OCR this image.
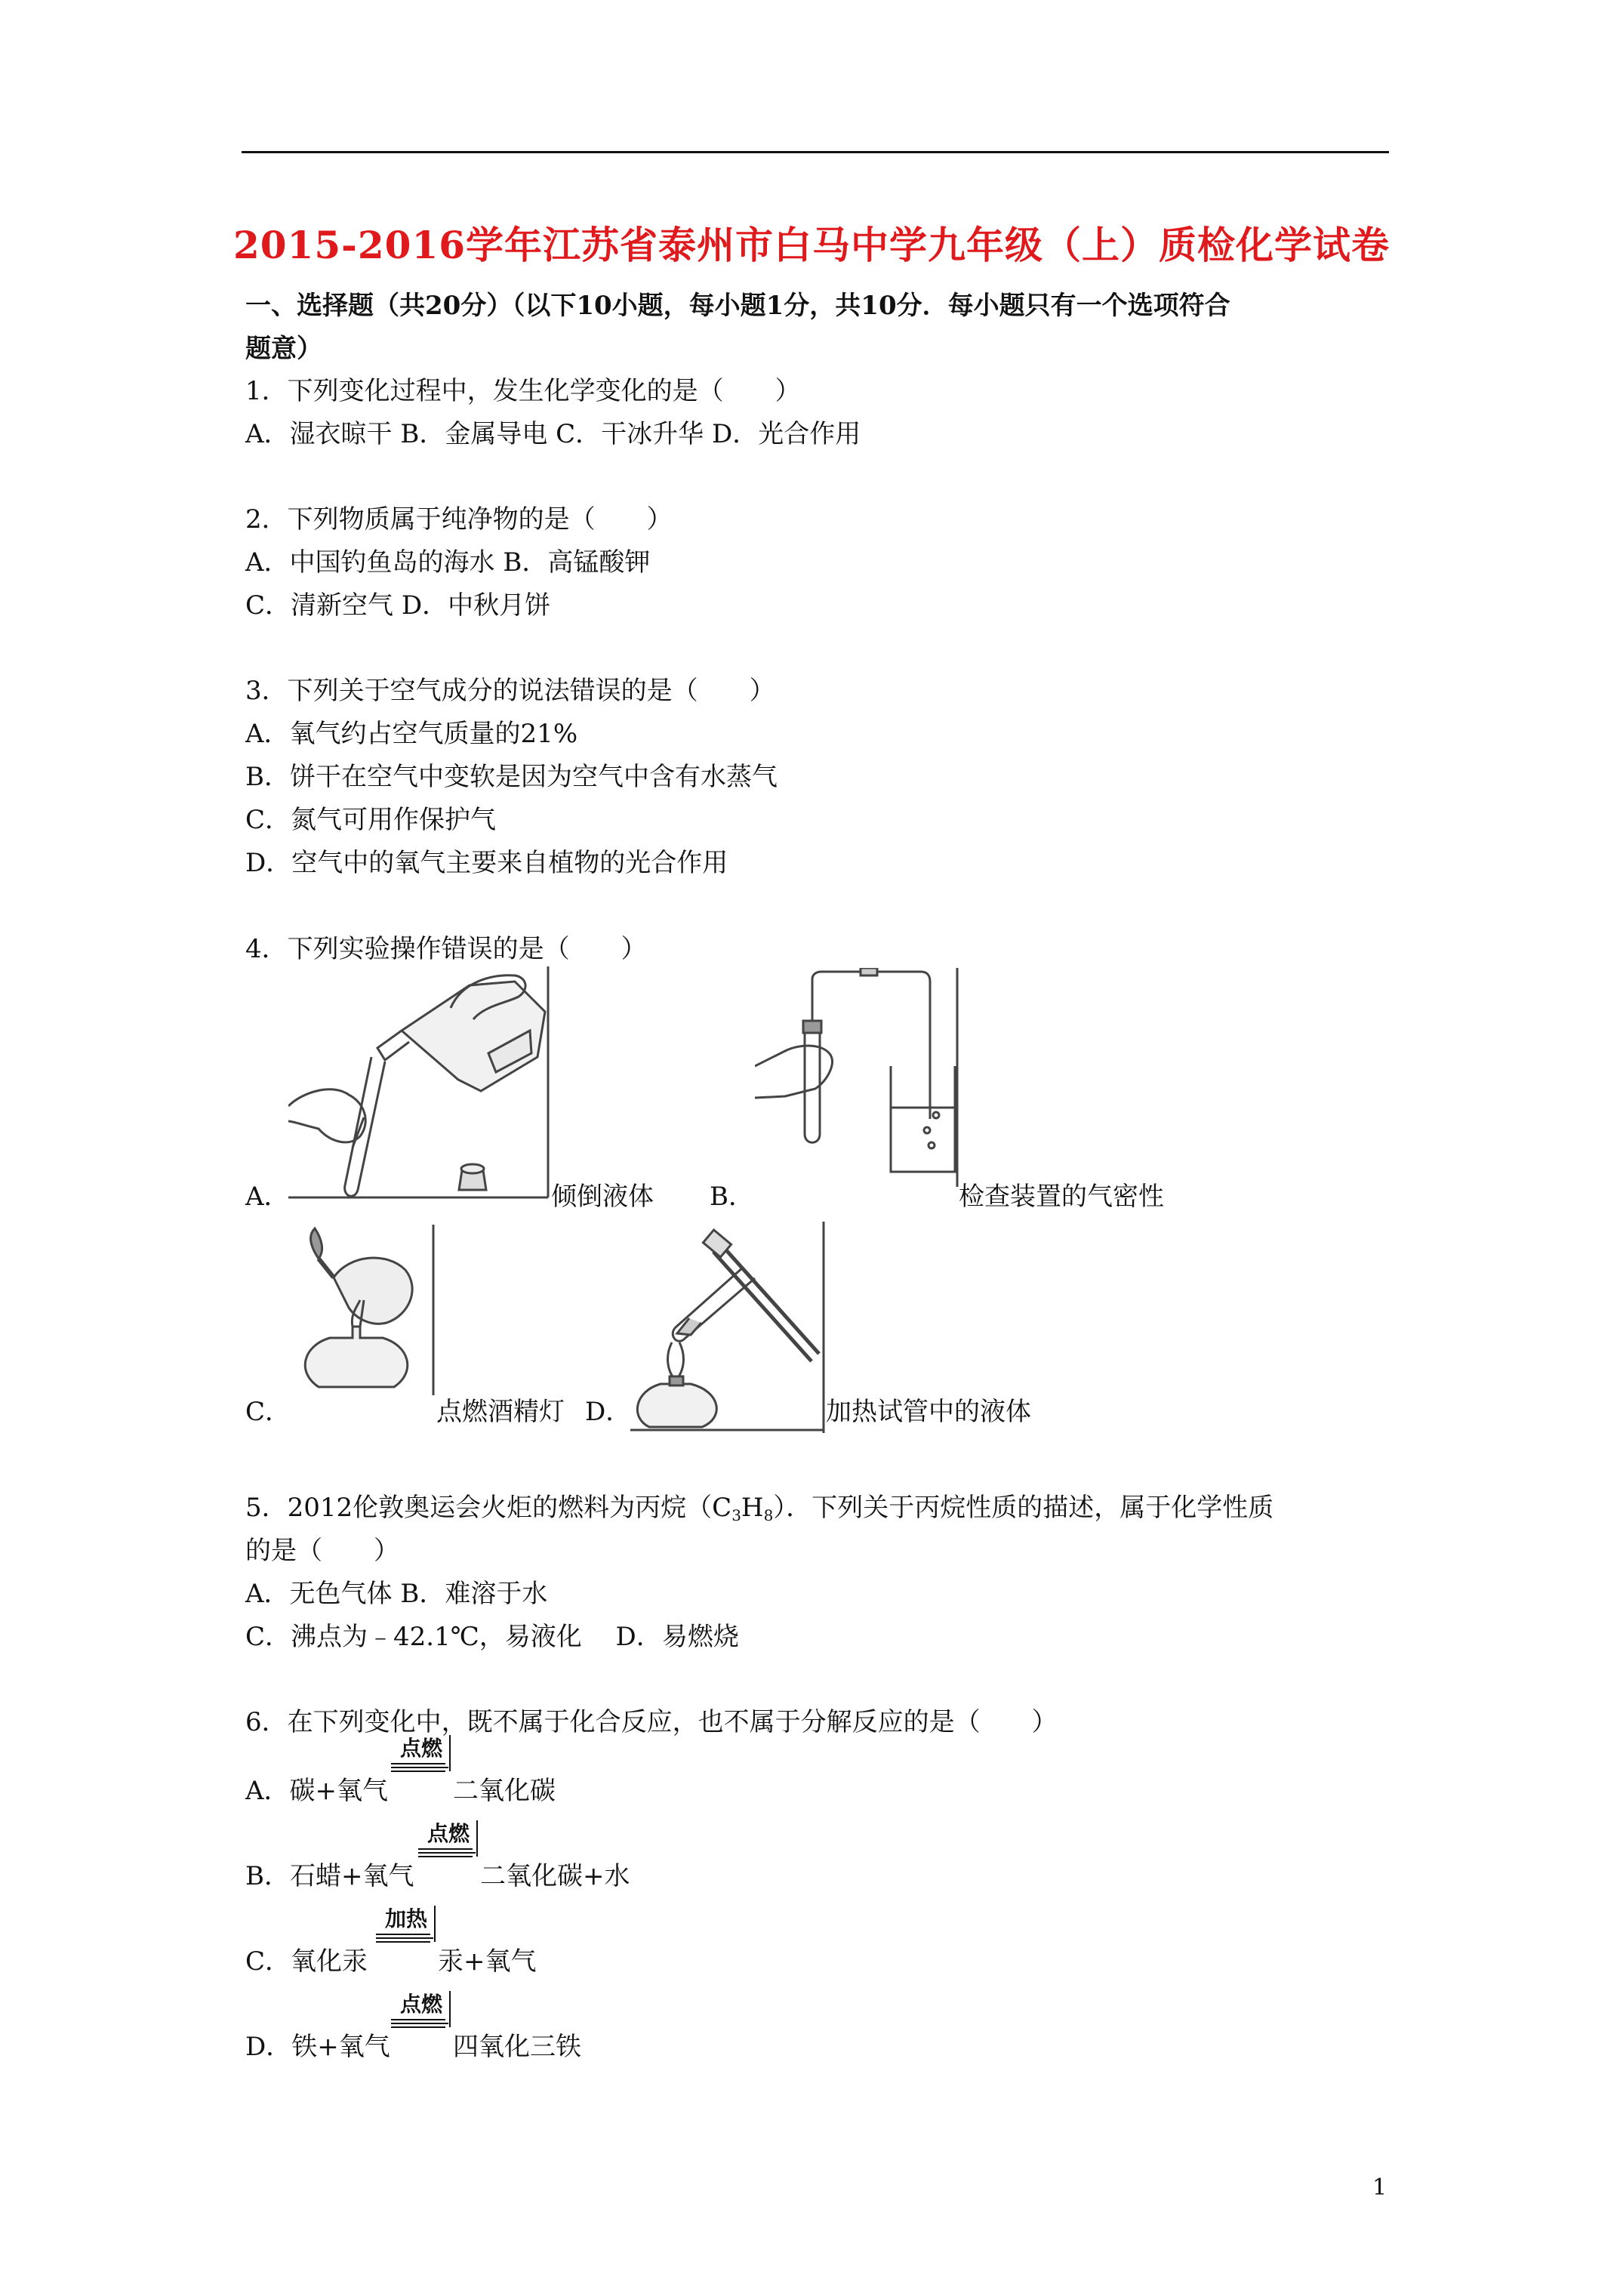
2015-2016学年江苏省泰州市白马中学九年级（上）质检化学试卷
一、选择题（共20分）（以下10小题，每小题1分，共10分．每小题只有一个选项符合
题意）
1．下列变化过程中，发生化学变化的是（　　）
A．湿衣晾干 B．金属导电 C．干冰升华 D．光合作用
2．下列物质属于纯净物的是（　　）
A．中国钓鱼岛的海水 B．高锰酸钾
C．清新空气 D．中秋月饼
3．下列关于空气成分的说法错误的是（　　）
A．氧气约占空气质量的21%
B．饼干在空气中变软是因为空气中含有水蒸气
C．氮气可用作保护气
D．空气中的氧气主要来自植物的光合作用
4．下列实验操作错误的是（　　）
A．	倾倒液体 B．	检查装置的气密性
C．	点燃酒精灯 D．	加热试管中的液体
5．2012伦敦奥运会火炬的燃料为丙烷$(C_3H_8)$．下列关于丙烷性质的描述，属于化学性质
的是（　　）
A．无色气体 B．难溶于水
C．沸点为﹣42.1℃，易液化　 D．易燃烧
6．在下列变化中，既不属于化合反应，也不属于分解反应的是（　　）
A．碳+氧气
点燃
二氧化碳
B．石蜡+氧气
点燃
二氧化碳+水
C．氧化汞
加热
汞+氧气
D．铁+氧气
点燃
四氧化三铁
1
